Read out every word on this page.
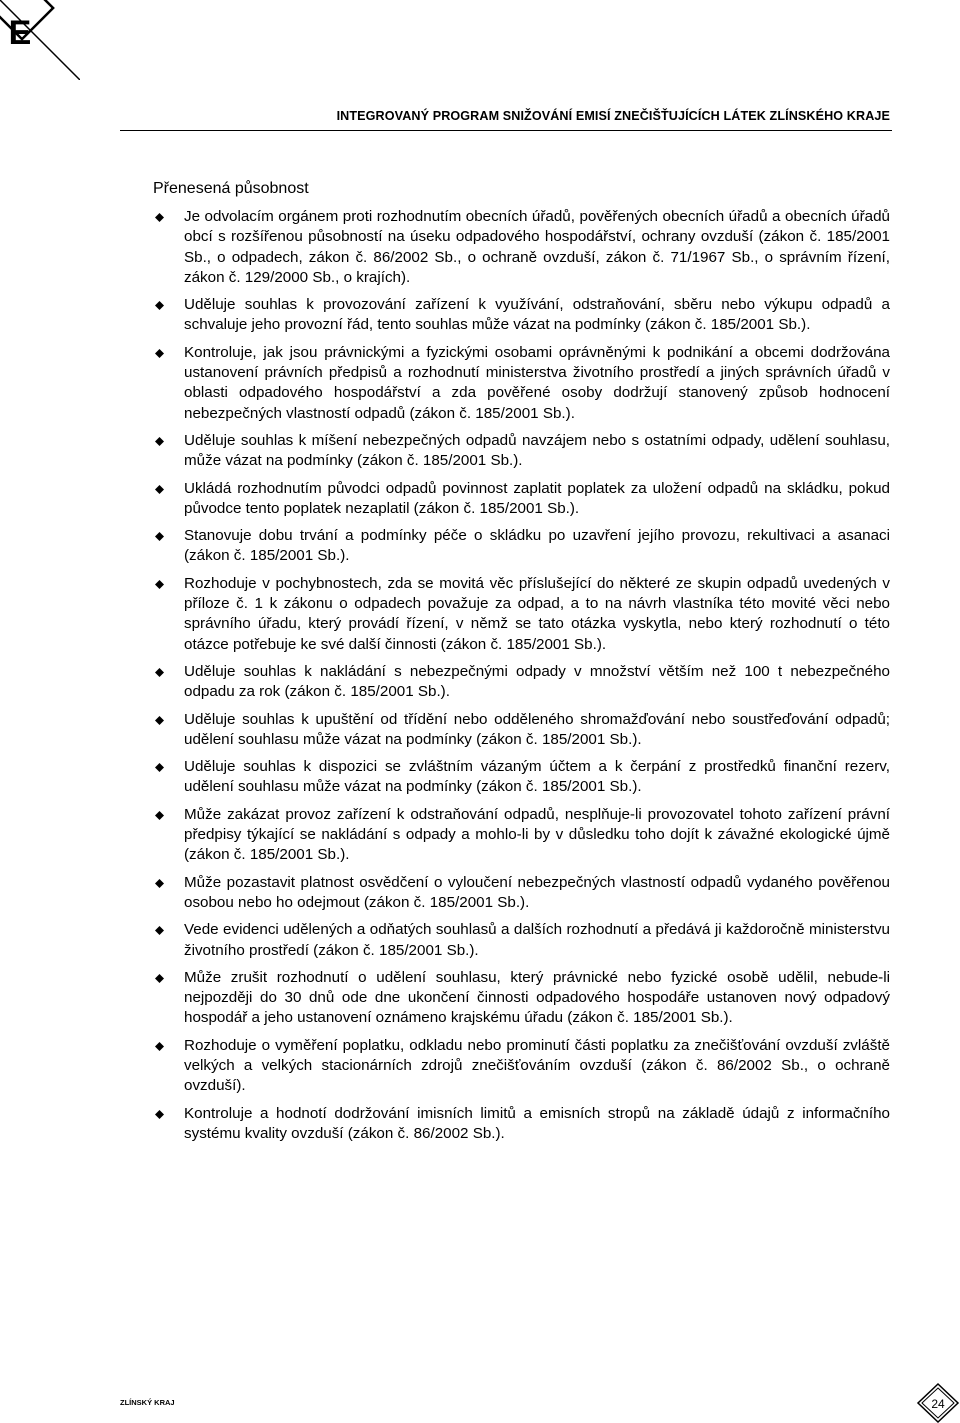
E
INTEGROVANÝ PROGRAM SNIŽOVÁNÍ EMISÍ ZNEČIŠŤUJÍCÍCH LÁTEK ZLÍNSKÉHO KRAJE
Přenesená působnost
Je odvolacím orgánem proti rozhodnutím obecních úřadů, pověřených obecních úřadů a obecních úřadů obcí s rozšířenou působností na úseku odpadového hospodářství, ochrany ovzduší (zákon č. 185/2001 Sb., o odpadech, zákon č. 86/2002 Sb., o ochraně ovzduší, zákon č. 71/1967 Sb., o správním řízení, zákon č. 129/2000 Sb., o krajích).
Uděluje souhlas k provozování zařízení k využívání, odstraňování, sběru nebo výkupu odpadů a schvaluje jeho provozní řád, tento souhlas může vázat na podmínky (zákon č. 185/2001 Sb.).
Kontroluje, jak jsou právnickými a fyzickými osobami oprávněnými k podnikání a obcemi dodržována ustanovení právních předpisů a rozhodnutí ministerstva životního prostředí a jiných správních úřadů v oblasti odpadového hospodářství a zda pověřené osoby dodržují stanovený způsob hodnocení nebezpečných vlastností odpadů (zákon č. 185/2001 Sb.).
Uděluje souhlas k míšení nebezpečných odpadů navzájem nebo s ostatními odpady, udělení souhlasu, může vázat na podmínky (zákon č. 185/2001 Sb.).
Ukládá rozhodnutím původci odpadů povinnost zaplatit poplatek za uložení odpadů na skládku, pokud původce tento poplatek nezaplatil (zákon č. 185/2001 Sb.).
Stanovuje dobu trvání a podmínky péče o skládku po uzavření jejího provozu, rekultivaci a asanaci (zákon č. 185/2001 Sb.).
Rozhoduje v pochybnostech, zda se movitá věc příslušející do některé ze skupin odpadů uvedených v příloze č. 1 k zákonu o odpadech považuje za odpad, a to na návrh vlastníka této movité věci nebo správního úřadu, který provádí řízení, v němž se tato otázka vyskytla, nebo který rozhodnutí o této otázce potřebuje ke své další činnosti (zákon č. 185/2001 Sb.).
Uděluje souhlas k nakládání s nebezpečnými odpady v množství větším než 100 t nebezpečného odpadu za rok (zákon č. 185/2001 Sb.).
Uděluje souhlas k upuštění od třídění nebo odděleného shromažďování nebo soustřeďování odpadů; udělení souhlasu může vázat na podmínky (zákon č. 185/2001 Sb.).
Uděluje souhlas k dispozici se zvláštním vázaným účtem a k čerpání z prostředků finanční rezerv, udělení souhlasu může vázat na podmínky (zákon č. 185/2001 Sb.).
Může zakázat provoz zařízení k odstraňování odpadů, nesplňuje-li provozovatel tohoto zařízení právní předpisy týkající se nakládání s odpady a mohlo-li by v důsledku toho dojít k závažné ekologické újmě (zákon č. 185/2001 Sb.).
Může pozastavit platnost osvědčení o vyloučení nebezpečných vlastností odpadů vydaného pověřenou osobou nebo ho odejmout (zákon č. 185/2001 Sb.).
Vede evidenci udělených a odňatých souhlasů a dalších rozhodnutí a předává ji každoročně ministerstvu životního prostředí (zákon č. 185/2001 Sb.).
Může zrušit rozhodnutí o udělení souhlasu, který právnické nebo fyzické osobě udělil, nebude-li nejpozději do 30 dnů ode dne ukončení činnosti odpadového hospodáře ustanoven nový odpadový hospodář a jeho ustanovení oznámeno krajskému úřadu (zákon č. 185/2001 Sb.).
Rozhoduje o vyměření poplatku, odkladu nebo prominutí části poplatku za znečišťování ovzduší zvláště velkých a velkých stacionárních zdrojů znečišťováním ovzduší (zákon č. 86/2002 Sb., o ochraně ovzduší).
Kontroluje a hodnotí dodržování imisních limitů a emisních stropů na základě údajů z informačního systému kvality ovzduší (zákon č. 86/2002 Sb.).
ZLÍNSKÝ KRAJ	24
